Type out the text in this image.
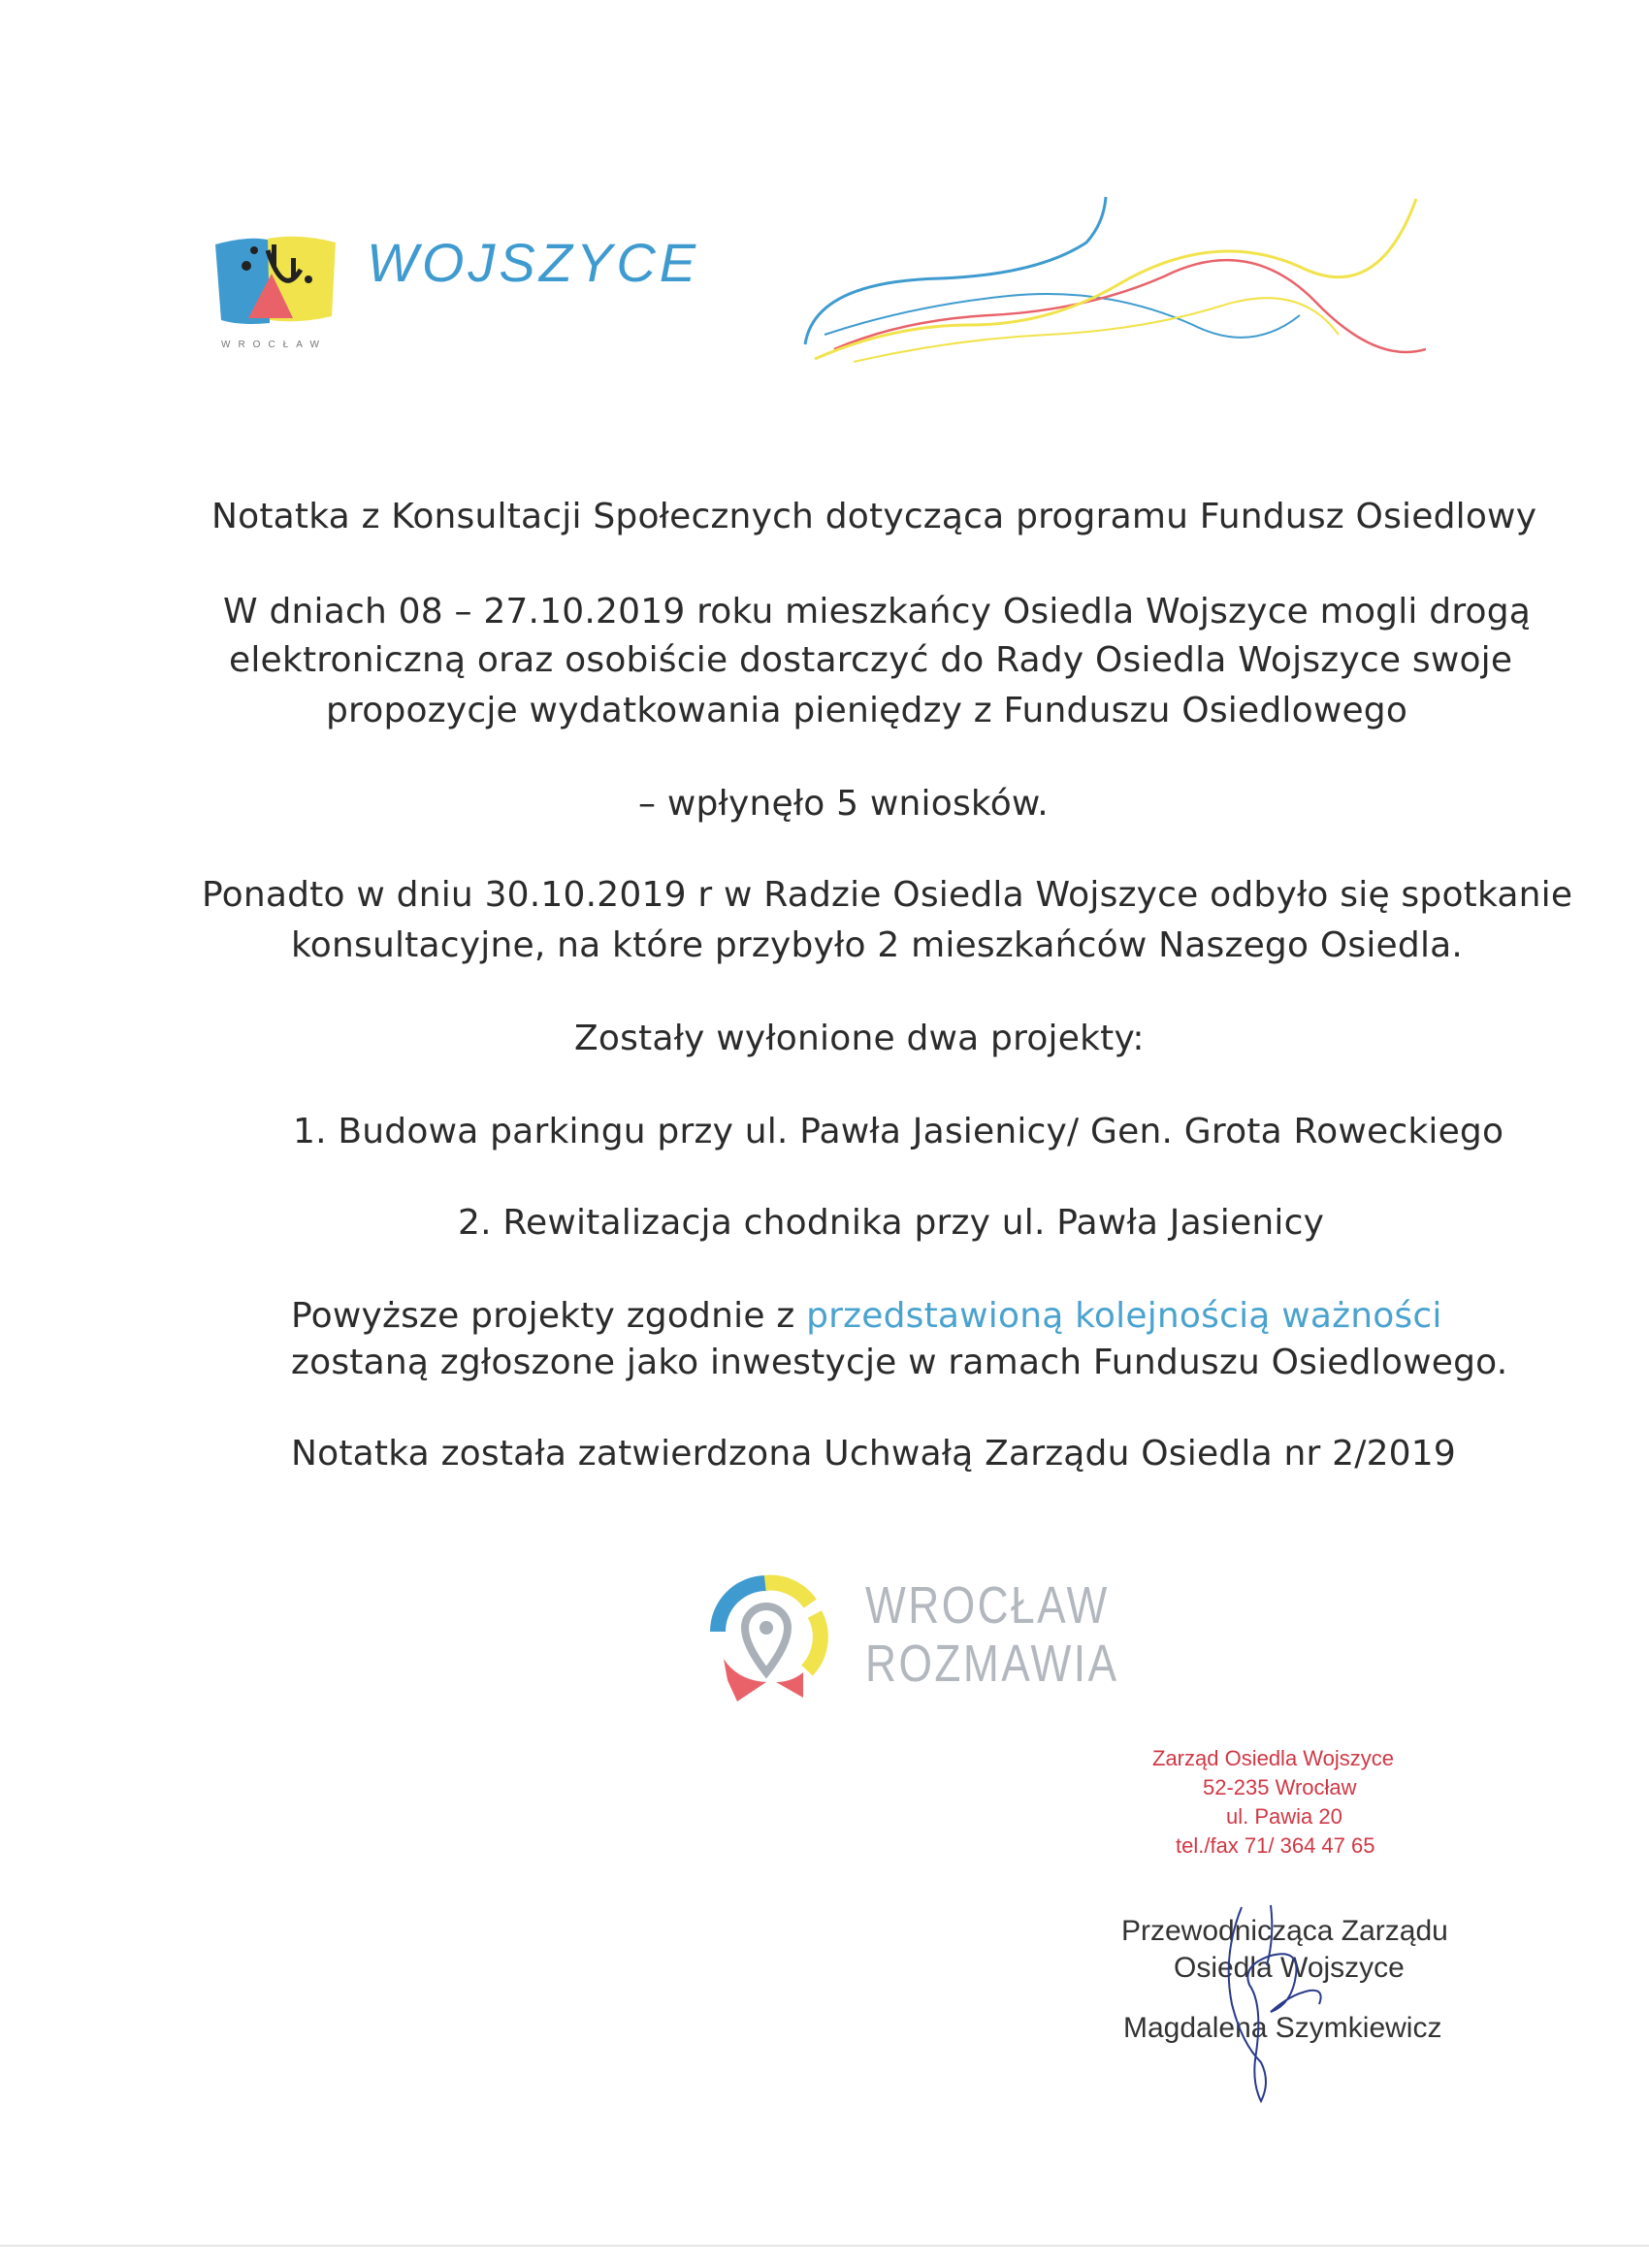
WOJSZYCE
WROCŁAW
Notatka z Konsultacji Społecznych dotycząca programu Fundusz Osiedlowy
W dniach 08 – 27.10.2019 roku mieszkańcy Osiedla Wojszyce mogli drogą
elektroniczną oraz osobiście dostarczyć do Rady Osiedla Wojszyce swoje
propozycje wydatkowania pieniędzy z Funduszu Osiedlowego
– wpłynęło 5 wniosków.
Ponadto w dniu 30.10.2019 r w Radzie Osiedla Wojszyce odbyło się spotkanie
konsultacyjne, na które przybyło 2 mieszkańców Naszego Osiedla.
Zostały wyłonione dwa projekty:
1. Budowa parkingu przy ul. Pawła Jasienicy/ Gen. Grota Roweckiego
2. Rewitalizacja chodnika przy ul. Pawła Jasienicy
Powyższe projekty zgodnie z przedstawioną kolejnością ważności
zostaną zgłoszone jako inwestycje w ramach Funduszu Osiedlowego.
Notatka została zatwierdzona Uchwałą Zarządu Osiedla nr 2/2019
WROCŁAW
ROZMAWIA
Zarząd Osiedla Wojszyce
52-235 Wrocław
ul. Pawia 20
tel./fax 71/ 364 47 65
Przewodnicząca Zarządu
Osiedla Wojszyce
Magdalena Szymkiewicz
